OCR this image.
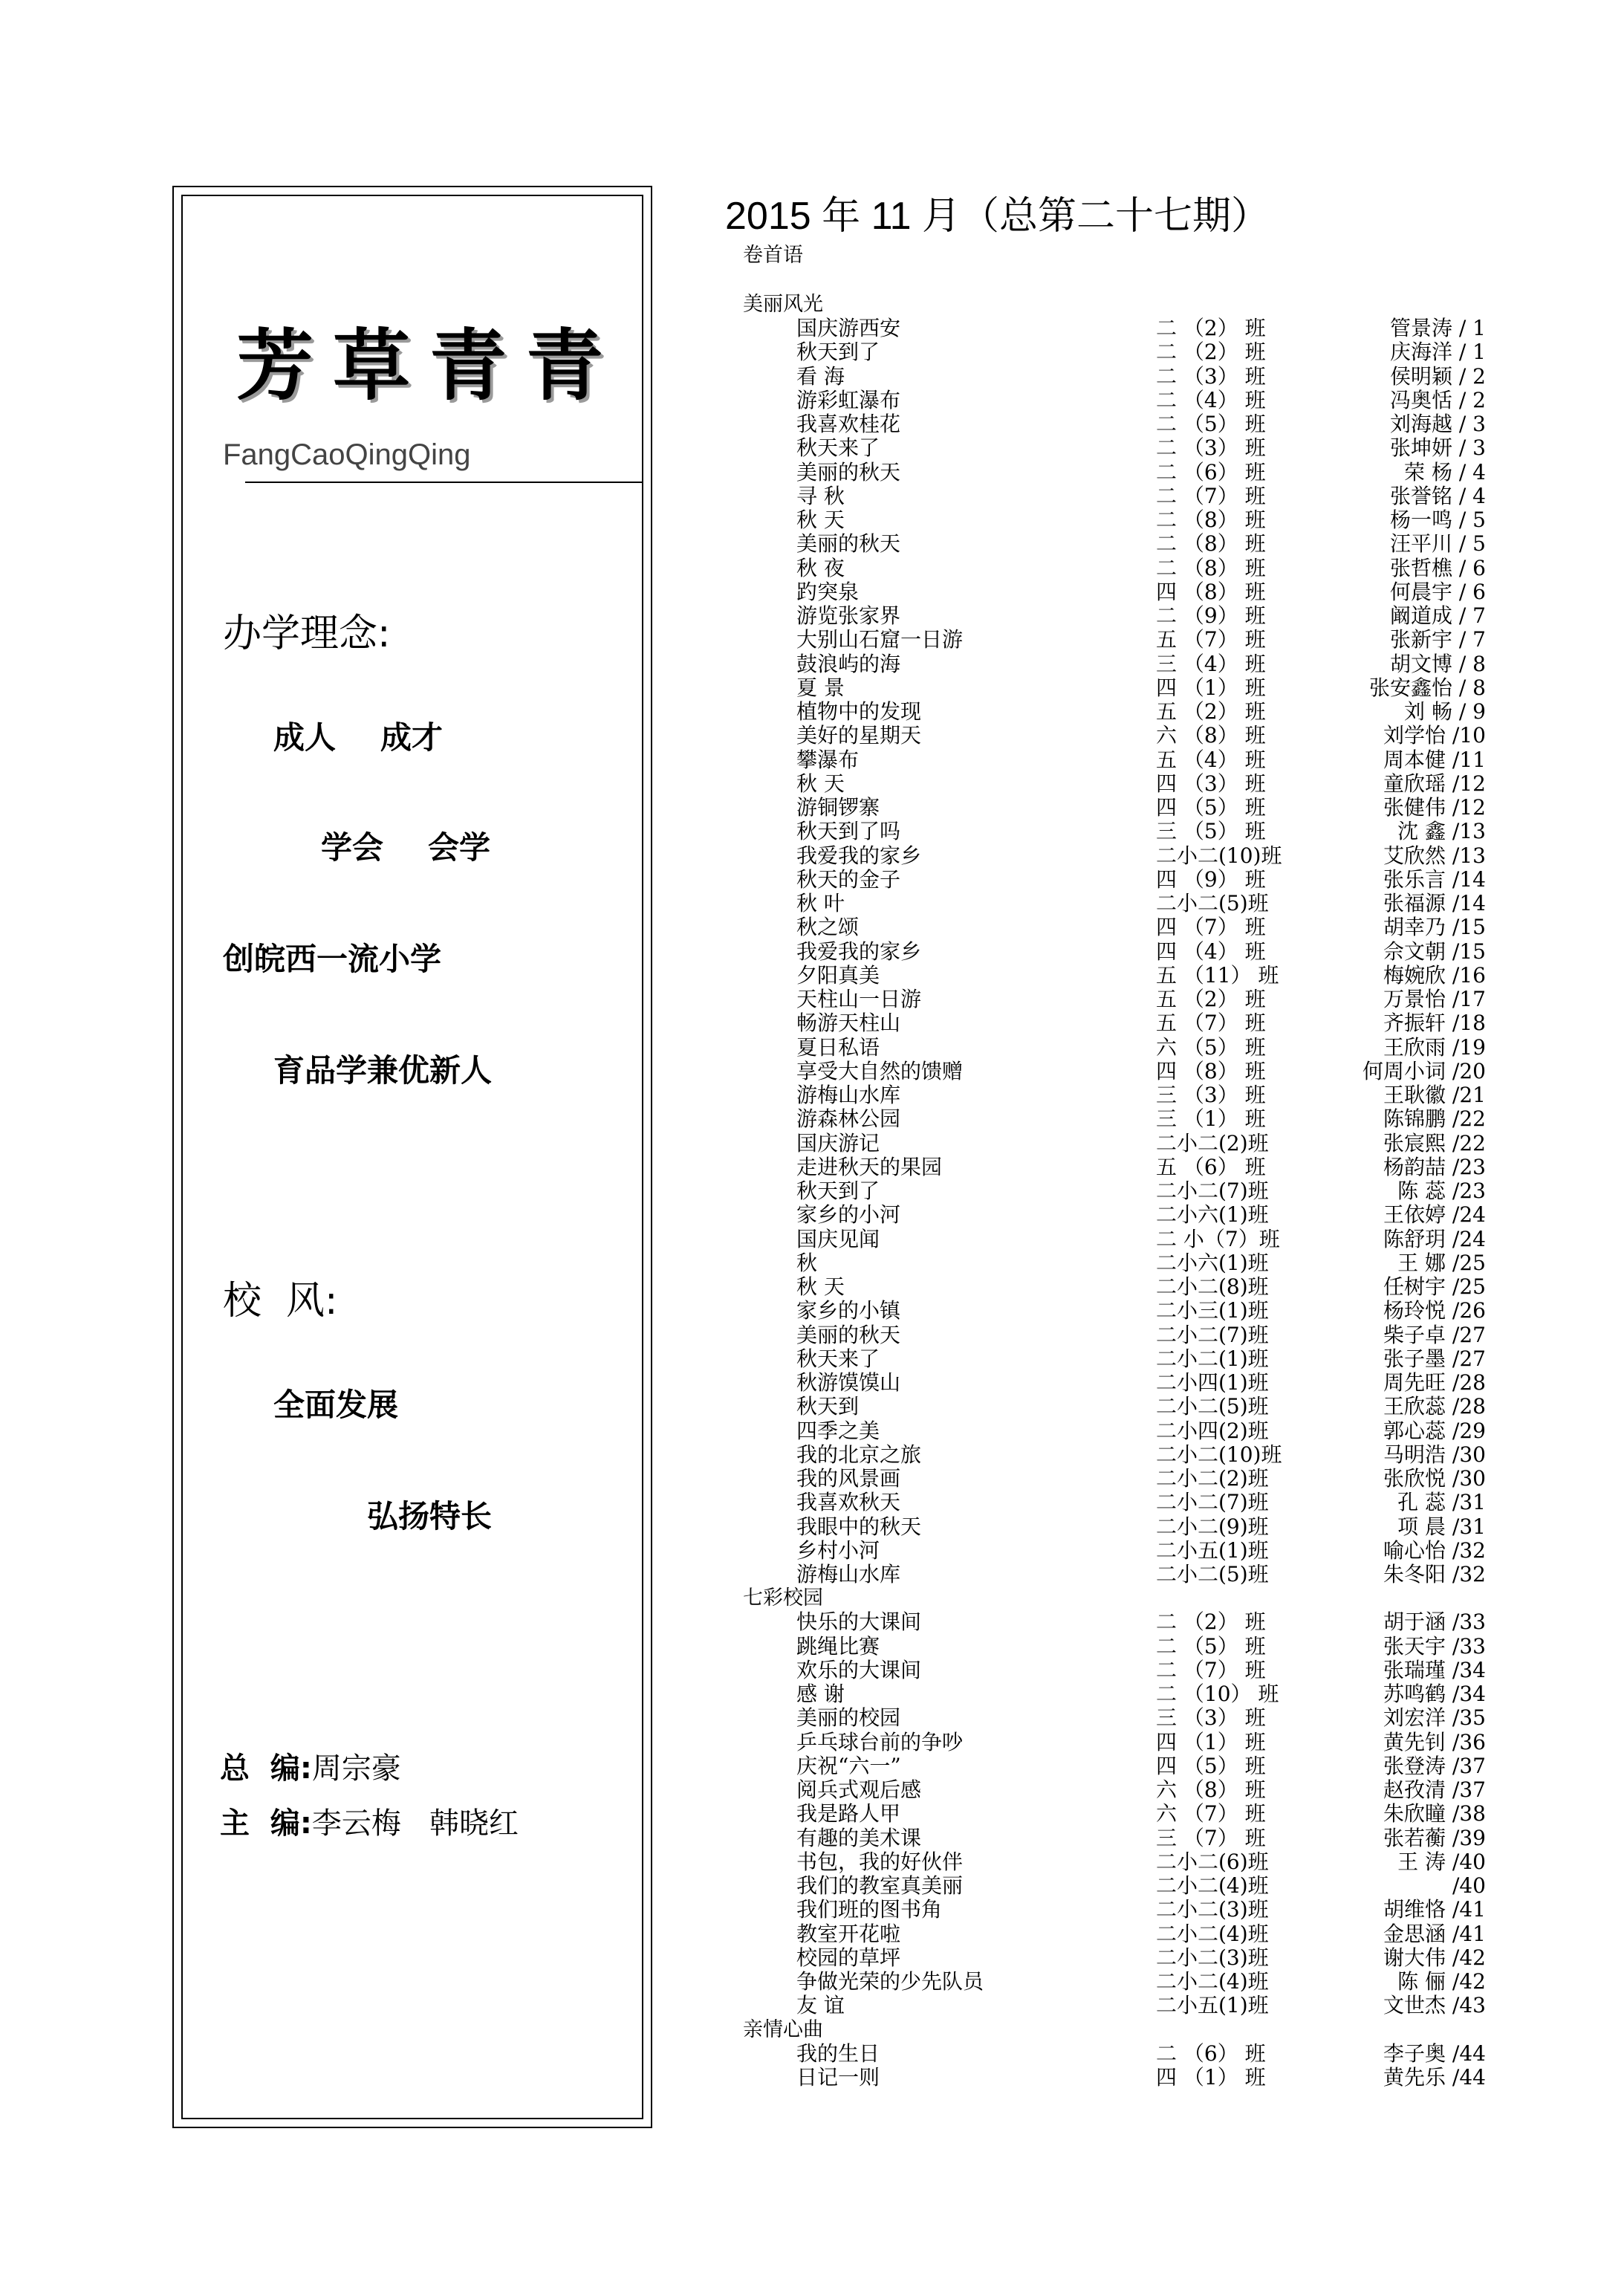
芳草青青
FangCaoQingQing
办学理念:
成人 成才
学会 会学
创皖西一流小学
育品学兼优新人
校  风:
全面发展
弘扬特长
总  编:周宗豪
主  编:李云梅   韩晓红
2015 年 11 月（总第二十七期）
卷首语
美丽风光
国庆游西安	二 （2） 班	管景涛 / 1
秋天到了	二 （2） 班	庆海洋 / 1
看 海	二 （3） 班	侯明颖 / 2
游彩虹瀑布	二 （4） 班	冯奥恬 / 2
我喜欢桂花	二 （5） 班	刘海越 / 3
秋天来了	二 （3） 班	张坤妍 / 3
美丽的秋天	二 （6） 班	荣 杨 / 4
寻 秋	二 （7） 班	张誉铭 / 4
秋 天	二 （8） 班	杨一鸣 / 5
美丽的秋天	二 （8） 班	汪平川 / 5
秋 夜	二 （8） 班	张哲樵 / 6
趵突泉	四 （8） 班	何晨宇 / 6
游览张家界	二 （9） 班	阚道成 / 7
大别山石窟一日游	五 （7） 班	张新宇 / 7
鼓浪屿的海	三 （4） 班	胡文博 / 8
夏 景	四 （1） 班	张安鑫怡 / 8
植物中的发现	五 （2） 班	刘 畅 / 9
美好的星期天	六 （8） 班	刘学怡 /10
攀瀑布	五 （4） 班	周本健 /11
秋 天	四 （3） 班	童欣瑶 /12
游铜锣寨	四 （5） 班	张健伟 /12
秋天到了吗	三 （5） 班	沈 鑫 /13
我爱我的家乡	二小二(10)班	艾欣然 /13
秋天的金子	四 （9） 班	张乐言 /14
秋 叶	二小二(5)班	张福源 /14
秋之颂	四 （7） 班	胡幸乃 /15
我爱我的家乡	四 （4） 班	佘文朝 /15
夕阳真美	五 （11） 班	梅婉欣 /16
天柱山一日游	五 （2） 班	万景怡 /17
畅游天柱山	五 （7） 班	齐振轩 /18
夏日私语	六 （5） 班	王欣雨 /19
享受大自然的馈赠	四 （8） 班	何周小词 /20
游梅山水库	三 （3） 班	王耿徽 /21
游森林公园	三 （1） 班	陈锦鹏 /22
国庆游记	二小二(2)班	张宸熙 /22
走进秋天的果园	五 （6） 班	杨韵喆 /23
秋天到了	二小二(7)班	陈 蕊 /23
家乡的小河	二小六(1)班	王依婷 /24
国庆见闻	二 小（7）班	陈舒玥 /24
秋	二小六(1)班	王 娜 /25
秋 天	二小二(8)班	任树宇 /25
家乡的小镇	二小三(1)班	杨玲悦 /26
美丽的秋天	二小二(7)班	柴子卓 /27
秋天来了	二小二(1)班	张子墨 /27
秋游馍馍山	二小四(1)班	周先旺 /28
秋天到	二小二(5)班	王欣蕊 /28
四季之美	二小四(2)班	郭心蕊 /29
我的北京之旅	二小二(10)班	马明浩 /30
我的风景画	二小二(2)班	张欣悦 /30
我喜欢秋天	二小二(7)班	孔 蕊 /31
我眼中的秋天	二小二(9)班	项 晨 /31
乡村小河	二小五(1)班	喻心怡 /32
游梅山水库	二小二(5)班	朱冬阳 /32
七彩校园
快乐的大课间	二 （2） 班	胡于涵 /33
跳绳比赛	二 （5） 班	张天宇 /33
欢乐的大课间	二 （7） 班	张瑞瑾 /34
感 谢	二 （10） 班	苏鸣鹤 /34
美丽的校园	三 （3） 班	刘宏洋 /35
乒乓球台前的争吵	四 （1） 班	黄先钊 /36
庆祝“六一”	四 （5） 班	张登涛 /37
阅兵式观后感	六 （8） 班	赵孜清 /37
我是路人甲	六 （7） 班	朱欣瞳 /38
有趣的美术课	三 （7） 班	张若蘅 /39
书包，我的好伙伴	二小二(6)班	王 涛 /40
我们的教室真美丽	二小二(4)班	/40
我们班的图书角	二小二(3)班	胡维恪 /41
教室开花啦	二小二(4)班	金思涵 /41
校园的草坪	二小二(3)班	谢大伟 /42
争做光荣的少先队员	二小二(4)班	陈 俪 /42
友 谊	二小五(1)班	文世杰 /43
亲情心曲
我的生日	二 （6） 班	李子奥 /44
日记一则	四 （1） 班	黄先乐 /44
